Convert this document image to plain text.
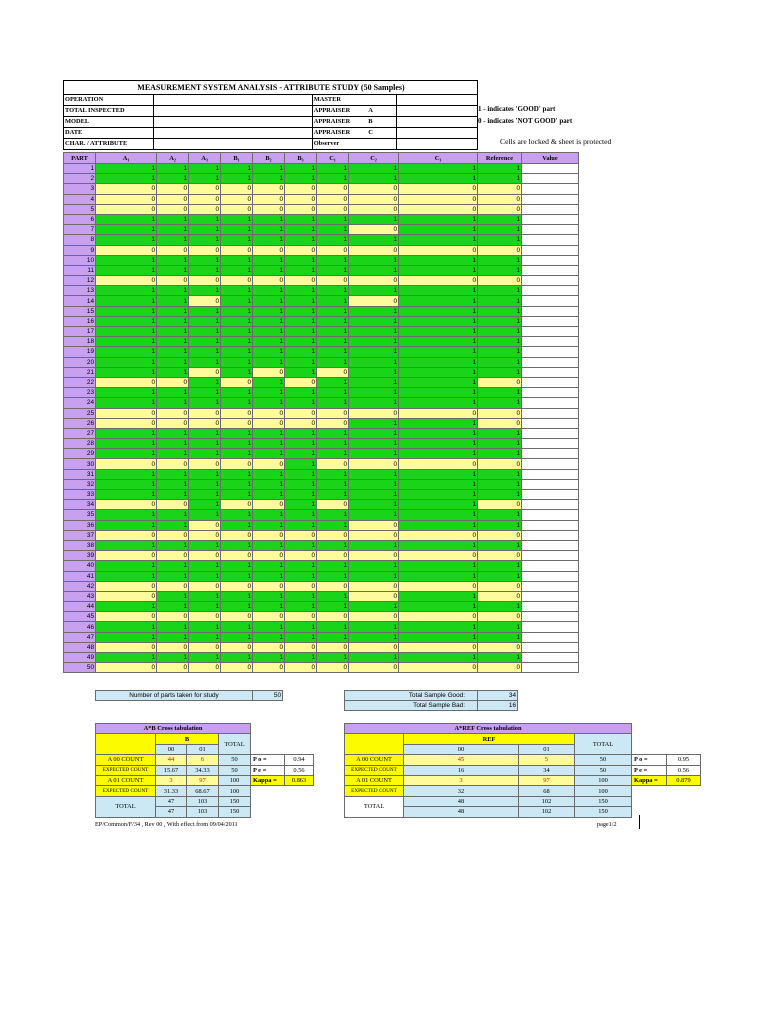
MEASUREMENT SYSTEM ANALYSIS - ATTRIBUTE STUDY (50 Samples)			
OPERATION		MASTER	
TOTAL INSPECTED		APPRAISER A	
MODEL		APPRAISER B	
DATE		APPRAISER C	
CHAR. / ATTRIBUTE		Observer	
1 - indicates 'GOOD' part
0 - indicates 'NOT GOOD' part
Cells are locked & sheet is protected
PART	A₁	A₂	A₃	B₁	B₂	B₃	C₁	C₂	C₃	Reference	Value
1	1	1	1	1	1	1	1	1	1	1	
2	1	1	1	1	1	1	1	1	1	1	
3	0	0	0	0	0	0	0	0	0	0	
4	0	0	0	0	0	0	0	0	0	0	
5	0	0	0	0	0	0	0	0	0	0	
6	1	1	1	1	1	1	1	1	1	1	
7	1	1	1	1	1	1	1	0	1	1	
8	1	1	1	1	1	1	1	1	1	1	
9	0	0	0	0	0	0	0	0	0	0	
10	1	1	1	1	1	1	1	1	1	1	
11	1	1	1	1	1	1	1	1	1	1	
12	0	0	0	0	0	0	0	0	0	0	
13	1	1	1	1	1	1	1	1	1	1	
14	1	1	0	1	1	1	1	0	1	1	
15	1	1	1	1	1	1	1	1	1	1	
16	1	1	1	1	1	1	1	1	1	1	
17	1	1	1	1	1	1	1	1	1	1	
18	1	1	1	1	1	1	1	1	1	1	
19	1	1	1	1	1	1	1	1	1	1	
20	1	1	1	1	1	1	1	1	1	1	
21	1	1	0	1	0	1	0	1	1	1	
22	0	0	1	0	1	0	1	1	1	0	
23	1	1	1	1	1	1	1	1	1	1	
24	1	1	1	1	1	1	1	1	1	1	
25	0	0	0	0	0	0	0	0	0	0	
26	0	0	0	0	0	0	0	1	1	0	
27	1	1	1	1	1	1	1	1	1	1	
28	1	1	1	1	1	1	1	1	1	1	
29	1	1	1	1	1	1	1	1	1	1	
30	0	0	0	0	0	1	0	0	0	0	
31	1	1	1	1	1	1	1	1	1	1	
32	1	1	1	1	1	1	1	1	1	1	
33	1	1	1	1	1	1	1	1	1	1	
34	0	0	1	0	0	1	0	1	1	0	
35	1	1	1	1	1	1	1	1	1	1	
36	1	1	0	1	1	1	1	0	1	1	
37	0	0	0	0	0	0	0	0	0	0	
38	1	1	1	1	1	1	1	1	1	1	
39	0	0	0	0	0	0	0	0	0	0	
40	1	1	1	1	1	1	1	1	1	1	
41	1	1	1	1	1	1	1	1	1	1	
42	0	0	0	0	0	0	0	0	0	0	
43	0	1	1	1	1	1	1	0	1	0	
44	1	1	1	1	1	1	1	1	1	1	
45	0	0	0	0	0	0	0	0	0	0	
46	1	1	1	1	1	1	1	1	1	1	
47	1	1	1	1	1	1	1	1	1	1	
48	0	0	0	0	0	0	0	0	0	0	
49	1	1	1	1	1	1	1	1	1	1	
50	0	0	0	0	0	0	0	0	0	0	
Number of parts taken for study	50	Total Sample Good:	34
Total Sample Bad:	16
A*B Cross tabulation					
	B		TOTAL		
	00	01			
A 00 COUNT	44	6	50	P o =	0.94
EXPECTED COUNT	15.67	34.33	50	P e =	0.56
A 01 COUNT	3	97	100	Kappa =	0.863
EXPECTED COUNT	31.33	68.67	100		
TOTAL	47	103	150		
	47	103	150		
A*REF Cross tabulation					
	REF		TOTAL		
	00	01			
A 00 COUNT	45	5	50	P o =	0.95
EXPECTED COUNT	16	34	50	P e =	0.56
A 01 COUNT	3	97	100	Kappa =	0.879
EXPECTED COUNT	32	68	100		
TOTAL	48	102	150		
	48	102	150		
EP/Common/F/34 , Rev 00 , With effect from 09/04/2011	page1/2
